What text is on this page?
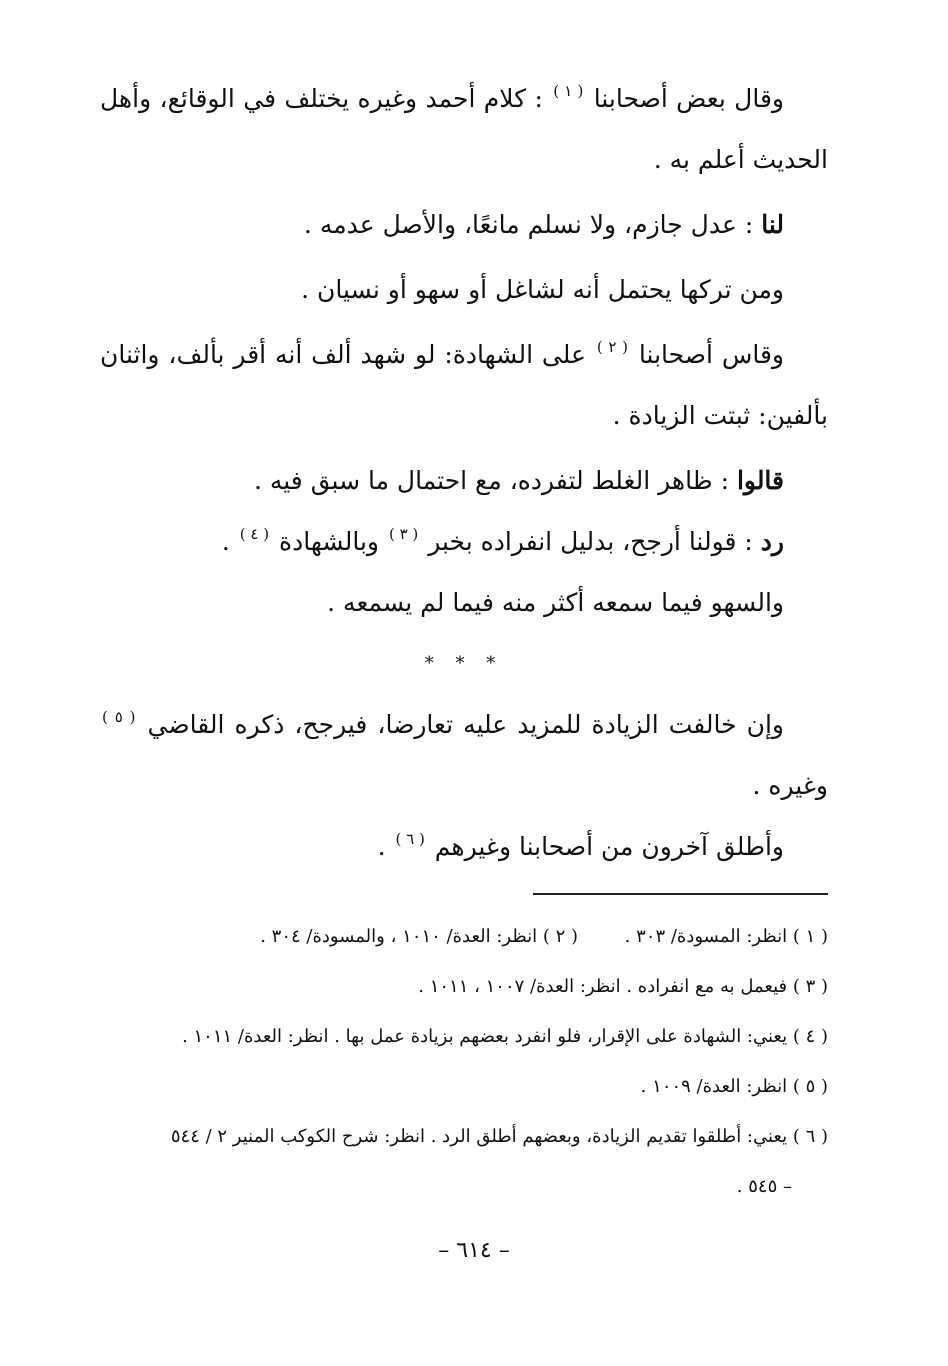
وقال بعض أصحابنا $^{( ١ )}$ : كلام أحمد وغيره يختلف في الوقائع، وأهل الحديث أعلم به .

لنا : عدل جازم، ولا نسلم مانعًا، والأصل عدمه .

ومن تركها يحتمل أنه لشاغل أو سهو أو نسيان .

وقاس أصحابنا $^{( ٢ )}$ على الشهادة: لو شهد ألف أنه أقر بألف، واثنان بألفين: ثبتت الزيادة .

قالوا : ظاهر الغلط لتفرده، مع احتمال ما سبق فيه .

رد : قولنا أرجح، بدليل انفراده بخبر $^{( ٣ )}$ وبالشهادة $^{( ٤ )}$ .

والسهو فيما سمعه أكثر منه فيما لم يسمعه .

* * *

وإن خالفت الزيادة للمزيد عليه تعارضا، فيرجح، ذكره القاضي $^{( ٥ )}$ وغيره .

وأطلق آخرون من أصحابنا وغيرهم $^{( ٦ )}$ .

( ١ ) انظر: المسودة/ ٣٠٣ .
( ٢ ) انظر: العدة/ ١٠١٠ ، والمسودة/ ٣٠٤ .
( ٣ ) فيعمل به مع انفراده . انظر: العدة/ ١٠٠٧ ، ١٠١١ .
( ٤ ) يعني: الشهادة على الإقرار، فلو انفرد بعضهم بزيادة عمل بها . انظر: العدة/ ١٠١١ .
( ٥ ) انظر: العدة/ ١٠٠٩ .
( ٦ ) يعني: أطلقوا تقديم الزيادة، وبعضهم أطلق الرد . انظر: شرح الكوكب المنير ٢ / ٥٤٤
– ٥٤٥ .
– ٦١٤ –
